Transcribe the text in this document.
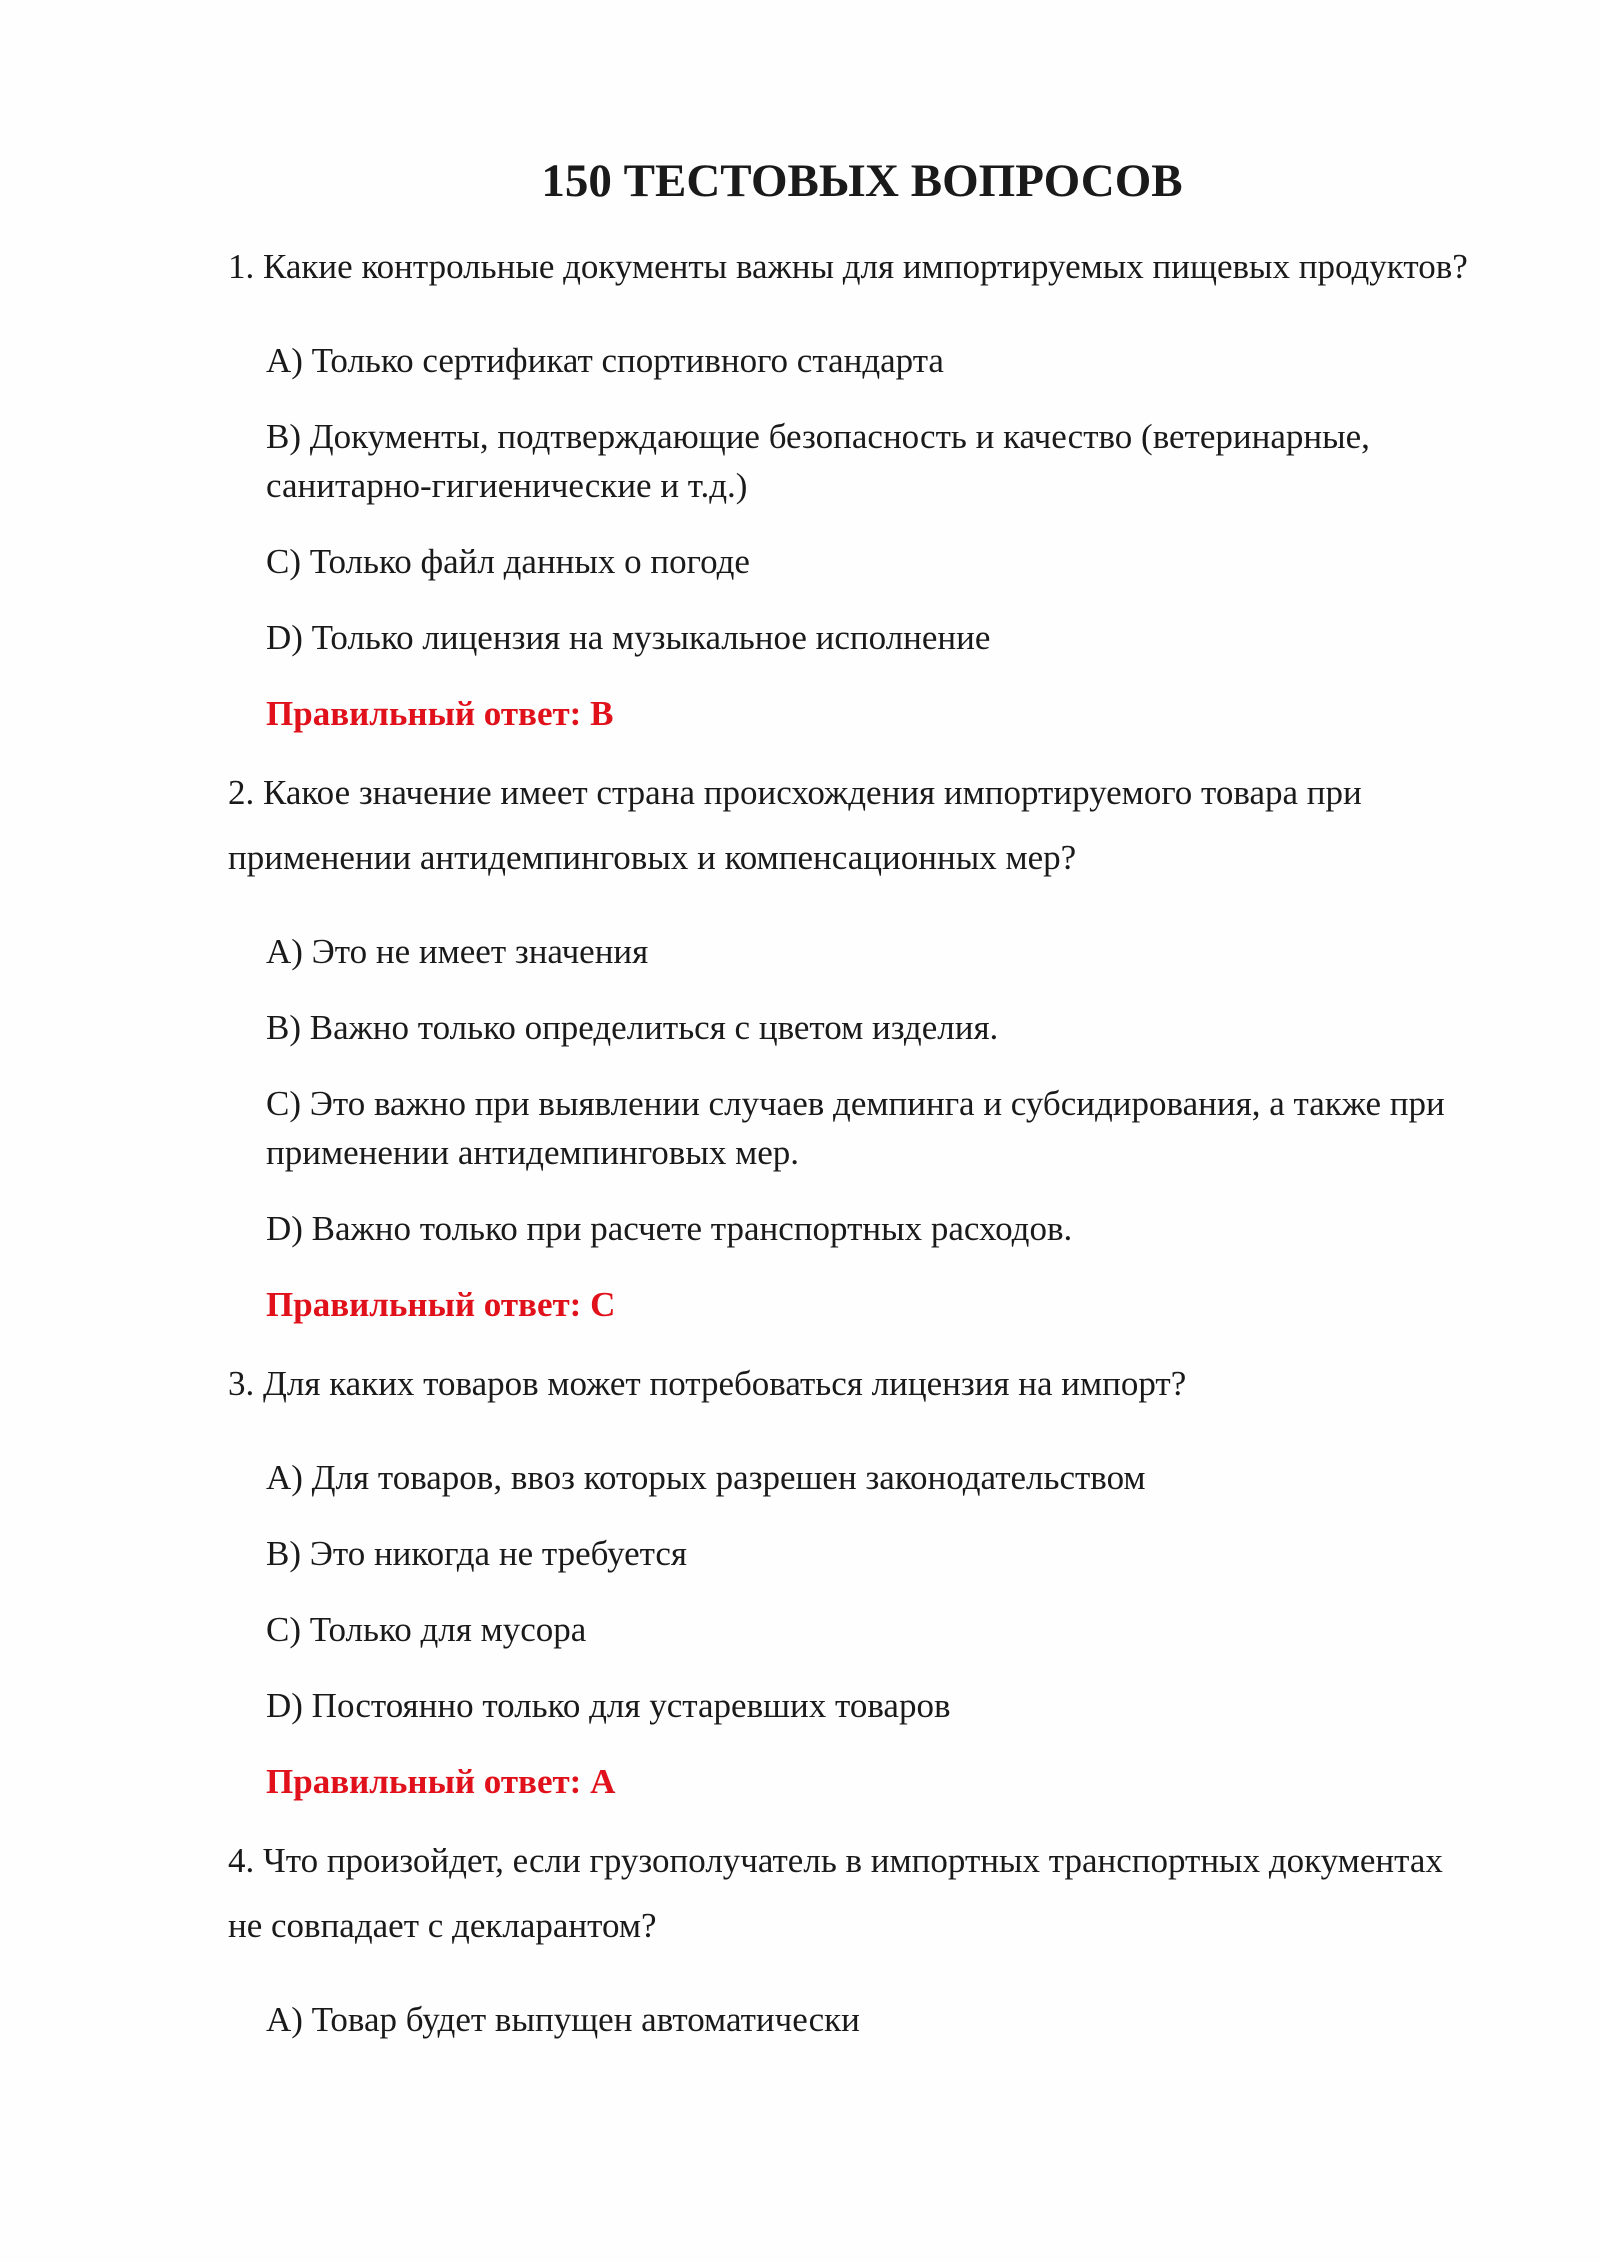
150 ТЕСТОВЫХ ВОПРОСОВ

1. Какие контрольные документы важны для импортируемых пищевых продуктов?

A) Только сертификат спортивного стандарта
B) Документы, подтверждающие безопасность и качество (ветеринарные, санитарно-гигиенические и т.д.)
C) Только файл данных о погоде
D) Только лицензия на музыкальное исполнение
Правильный ответ: B

2. Какое значение имеет страна происхождения импортируемого товара при применении антидемпинговых и компенсационных мер?

A) Это не имеет значения
B) Важно только определиться с цветом изделия.
C) Это важно при выявлении случаев демпинга и субсидирования, а также при применении антидемпинговых мер.
D) Важно только при расчете транспортных расходов.
Правильный ответ: C

3. Для каких товаров может потребоваться лицензия на импорт?

A) Для товаров, ввоз которых разрешен законодательством
B) Это никогда не требуется
C) Только для мусора
D) Постоянно только для устаревших товаров
Правильный ответ: A

4. Что произойдет, если грузополучатель в импортных транспортных документах не совпадает с декларантом?

A) Товар будет выпущен автоматически
